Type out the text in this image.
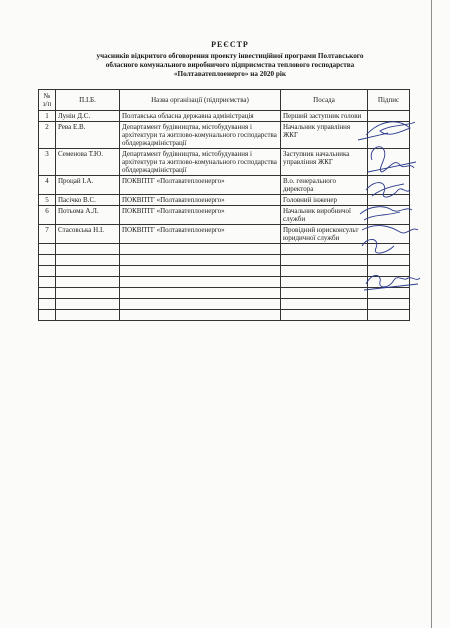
РЕЄСТР
учасників відкритого обговорення проекту інвестиційної програми Полтавського
обласного комунального виробничого підприємства теплового господарства
«Полтаватеплоенерго» на 2020 рік
№ з/п	П.І.Б.	Назва організації (підприємства)	Посада	Підпис
1	Лунін Д.С.	Полтавська обласна державна адміністрація	Перший заступник голови	
2	Рева Е.В.	Департамент будівництва, містобудування і архітектури та житлово-комунального господарства облдержадміністрації	Начальник управління ЖКГ	
3	Семенова Т.Ю.	Департамент будівництва, містобудування і архітектури та житлово-комунального господарства облдержадміністрації	Заступник начальника управління ЖКГ	
4	Процай І.А.	ПОКВПТГ «Полтаватеплоенерго»	В.о. генерального директора	
5	Пасічко В.С.	ПОКВПТГ «Полтаватеплоенерго»	Головний інженер	
6	Потьома А.Л.	ПОКВПТГ «Полтаватеплоенерго»	Начальник виробничої служби	
7	Стасовська Н.І.	ПОКВПТГ «Полтаватеплоенерго»	Провідний юрисконсульт юридичної служби	
